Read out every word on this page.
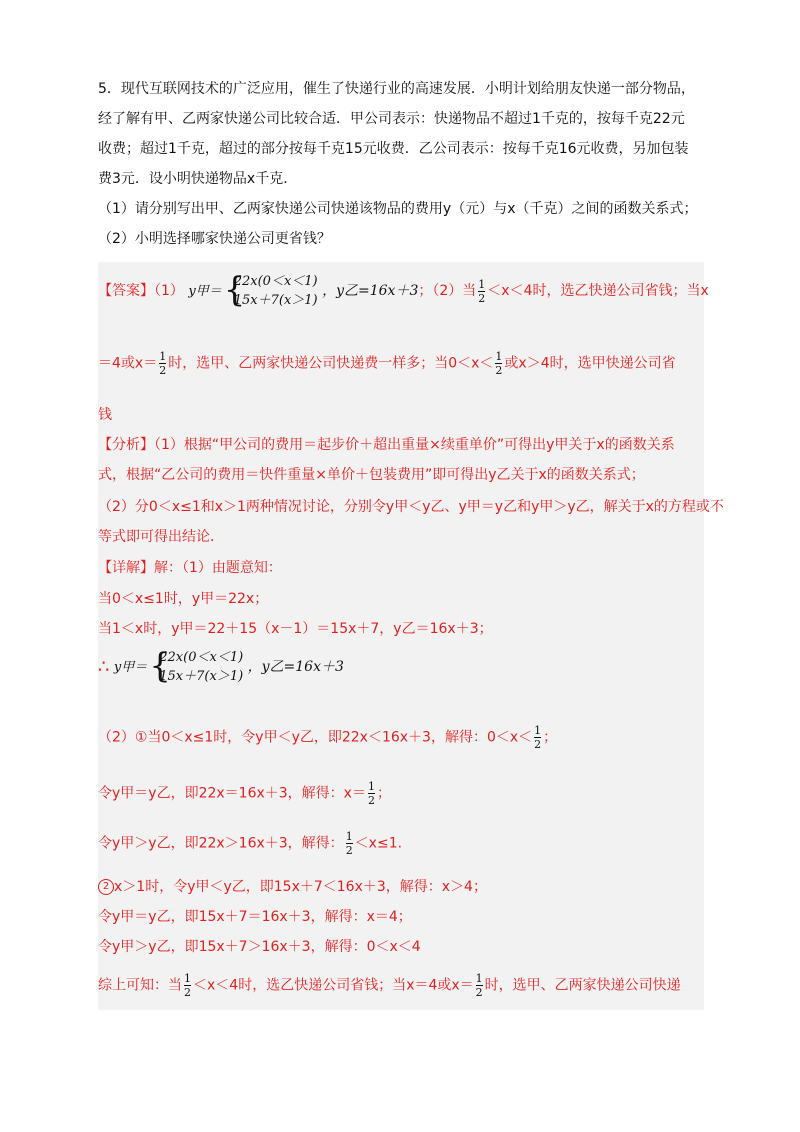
5．现代互联网技术的广泛应用，催生了快递行业的高速发展．小明计划给朋友快递一部分物品，

经了解有甲、乙两家快递公司比较合适．甲公司表示：快递物品不超过1千克的，按每千克22元

收费；超过1千克，超过的部分按每千克15元收费．乙公司表示：按每千克16元收费，另加包装

费3元．设小明快递物品x千克．

（1）请分别写出甲、乙两家快递公司快递该物品的费用y（元）与x（千克）之间的函数关系式；

（2）小明选择哪家快递公司更省钱？

【答案】（1） y甲＝ {
22x(0＜x＜1)
15x＋7(x＞1)
，y乙=16x＋3；（2）当 $\frac{1}{2} <x<4$时，选乙快递公司省钱；当x
＝4或$x= \frac{1}{2}$ 时，选甲、乙两家快递公司快递费一样多；当$0<x< \frac{1}{2}$ 或x＞4时，选甲快递公司省
钱
【分析】（1）根据“甲公司的费用＝起步价＋超出重量×续重单价”可得出y甲关于x的函数关系
式，根据“乙公司的费用＝快件重量×单价＋包装费用”即可得出y乙关于x的函数关系式；
（2）分0＜x≤1和x＞1两种情况讨论，分别令y甲＜y乙、y甲＝y乙和y甲＞y乙，解关于x的方程或不
等式即可得出结论．
【详解】解：（1）由题意知：
当0＜x≤1时，y甲＝22x；
当1＜x时，y甲＝22＋15（x－1）＝15x＋7，y乙＝16x＋3；
∴ y甲＝ {
22x(0＜x＜1)
15x＋7(x＞1)
，y乙=16x＋3
（2）①当0＜x≤1时，令y甲＜y乙，即22x＜16x＋3，解得：$0<x< \frac{1}{2}$ ；
令y甲＝y乙，即22x＝16x＋3，解得：$x= \frac{1}{2}$ ；
令y甲＞y乙，即22x＞16x＋3，解得： $\frac{1}{2} <x\le 1$.
2 x＞1时，令y甲＜y乙，即15x＋7＜16x＋3，解得：x＞4；
令y甲＝y乙，即15x＋7＝16x＋3，解得：x＝4；
令y甲＞y乙，即15x＋7＞16x＋3，解得：0＜x＜4
综上可知：当 $\frac{1}{2} <x<4$时，选乙快递公司省钱；当x＝4或$x= \frac{1}{2}$ 时，选甲、乙两家快递公司快递
